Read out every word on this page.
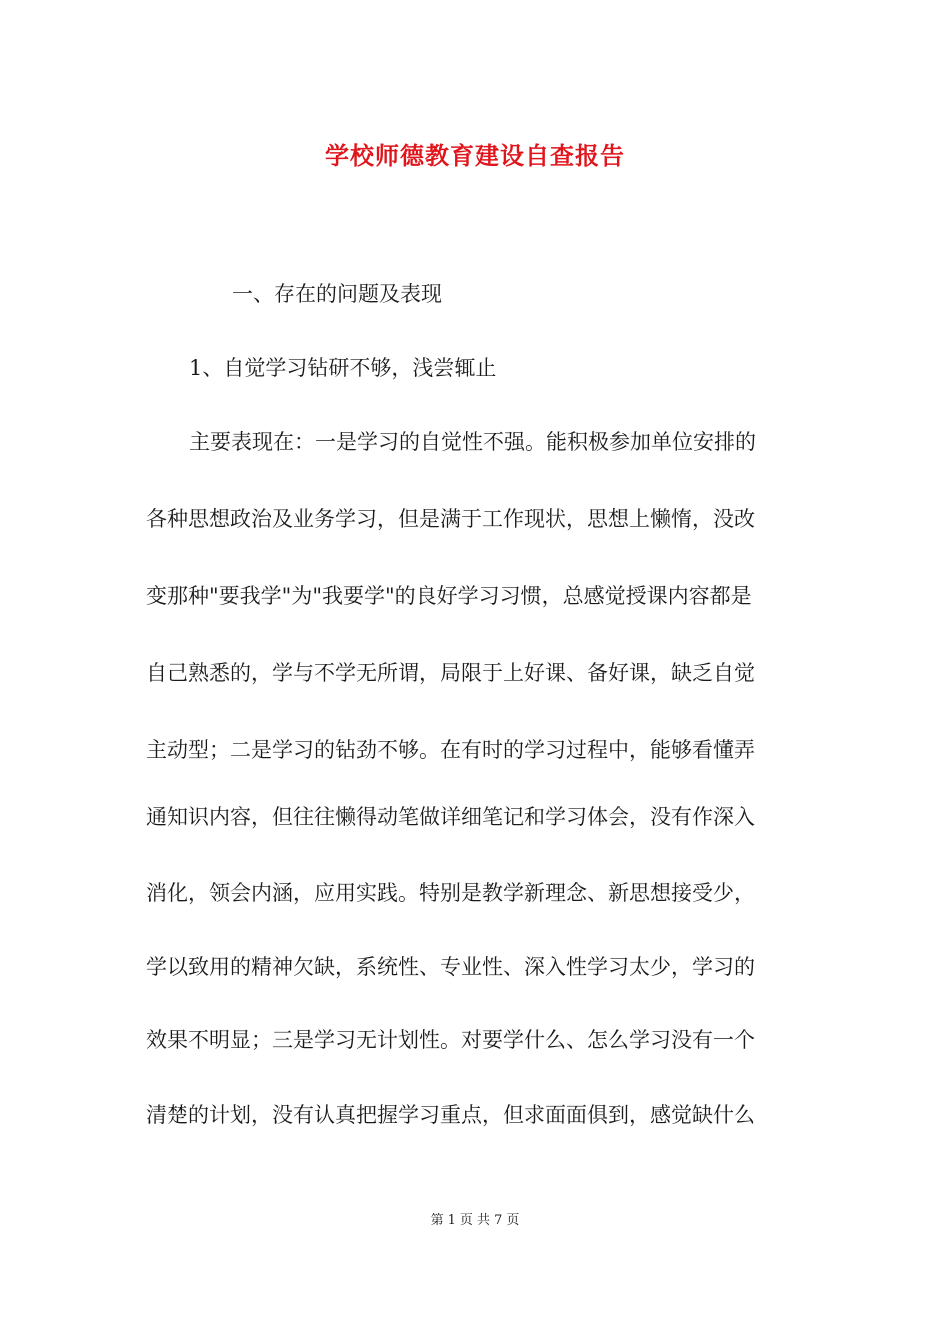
学校师德教育建设自查报告
一、存在的问题及表现
1、自觉学习钻研不够，浅尝辄止
主要表现在：一是学习的自觉性不强。能积极参加单位安排的
各种思想政治及业务学习，但是满于工作现状，思想上懒惰，没改
变那种"要我学"为"我要学"的良好学习习惯，总感觉授课内容都是
自己熟悉的，学与不学无所谓，局限于上好课、备好课，缺乏自觉
主动型；二是学习的钻劲不够。在有时的学习过程中，能够看懂弄
通知识内容，但往往懒得动笔做详细笔记和学习体会，没有作深入
消化，领会内涵，应用实践。特别是教学新理念、新思想接受少，
学以致用的精神欠缺，系统性、专业性、深入性学习太少，学习的
效果不明显；三是学习无计划性。对要学什么、怎么学习没有一个
清楚的计划，没有认真把握学习重点，但求面面俱到，感觉缺什么
第 1 页 共 7 页
